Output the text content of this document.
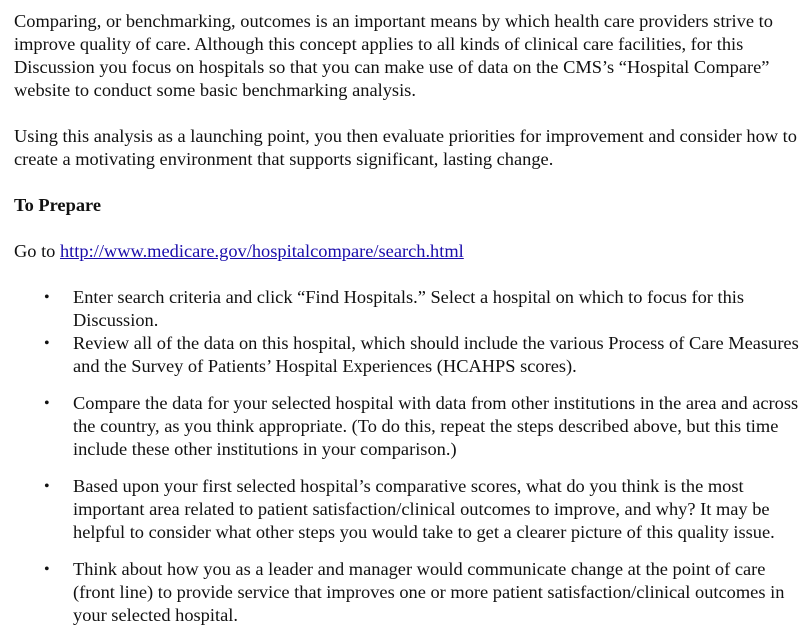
Comparing, or benchmarking, outcomes is an important means by which health care providers strive to improve quality of care. Although this concept applies to all kinds of clinical care facilities, for this Discussion you focus on hospitals so that you can make use of data on the CMS’s “Hospital Compare” website to conduct some basic benchmarking analysis.

Using this analysis as a launching point, you then evaluate priorities for improvement and consider how to create a motivating environment that supports significant, lasting change.

To Prepare

Go to http://www.medicare.gov/hospitalcompare/search.html

• Enter search criteria and click “Find Hospitals.” Select a hospital on which to focus for this Discussion.
• Review all of the data on this hospital, which should include the various Process of Care Measures and the Survey of Patients’ Hospital Experiences (HCAHPS scores).
• Compare the data for your selected hospital with data from other institutions in the area and across the country, as you think appropriate. (To do this, repeat the steps described above, but this time include these other institutions in your comparison.)
• Based upon your first selected hospital’s comparative scores, what do you think is the most important area related to patient satisfaction/clinical outcomes to improve, and why? It may be helpful to consider what other steps you would take to get a clearer picture of this quality issue.
• Think about how you as a leader and manager would communicate change at the point of care (front line) to provide service that improves one or more patient satisfaction/clinical outcomes in your selected hospital.
